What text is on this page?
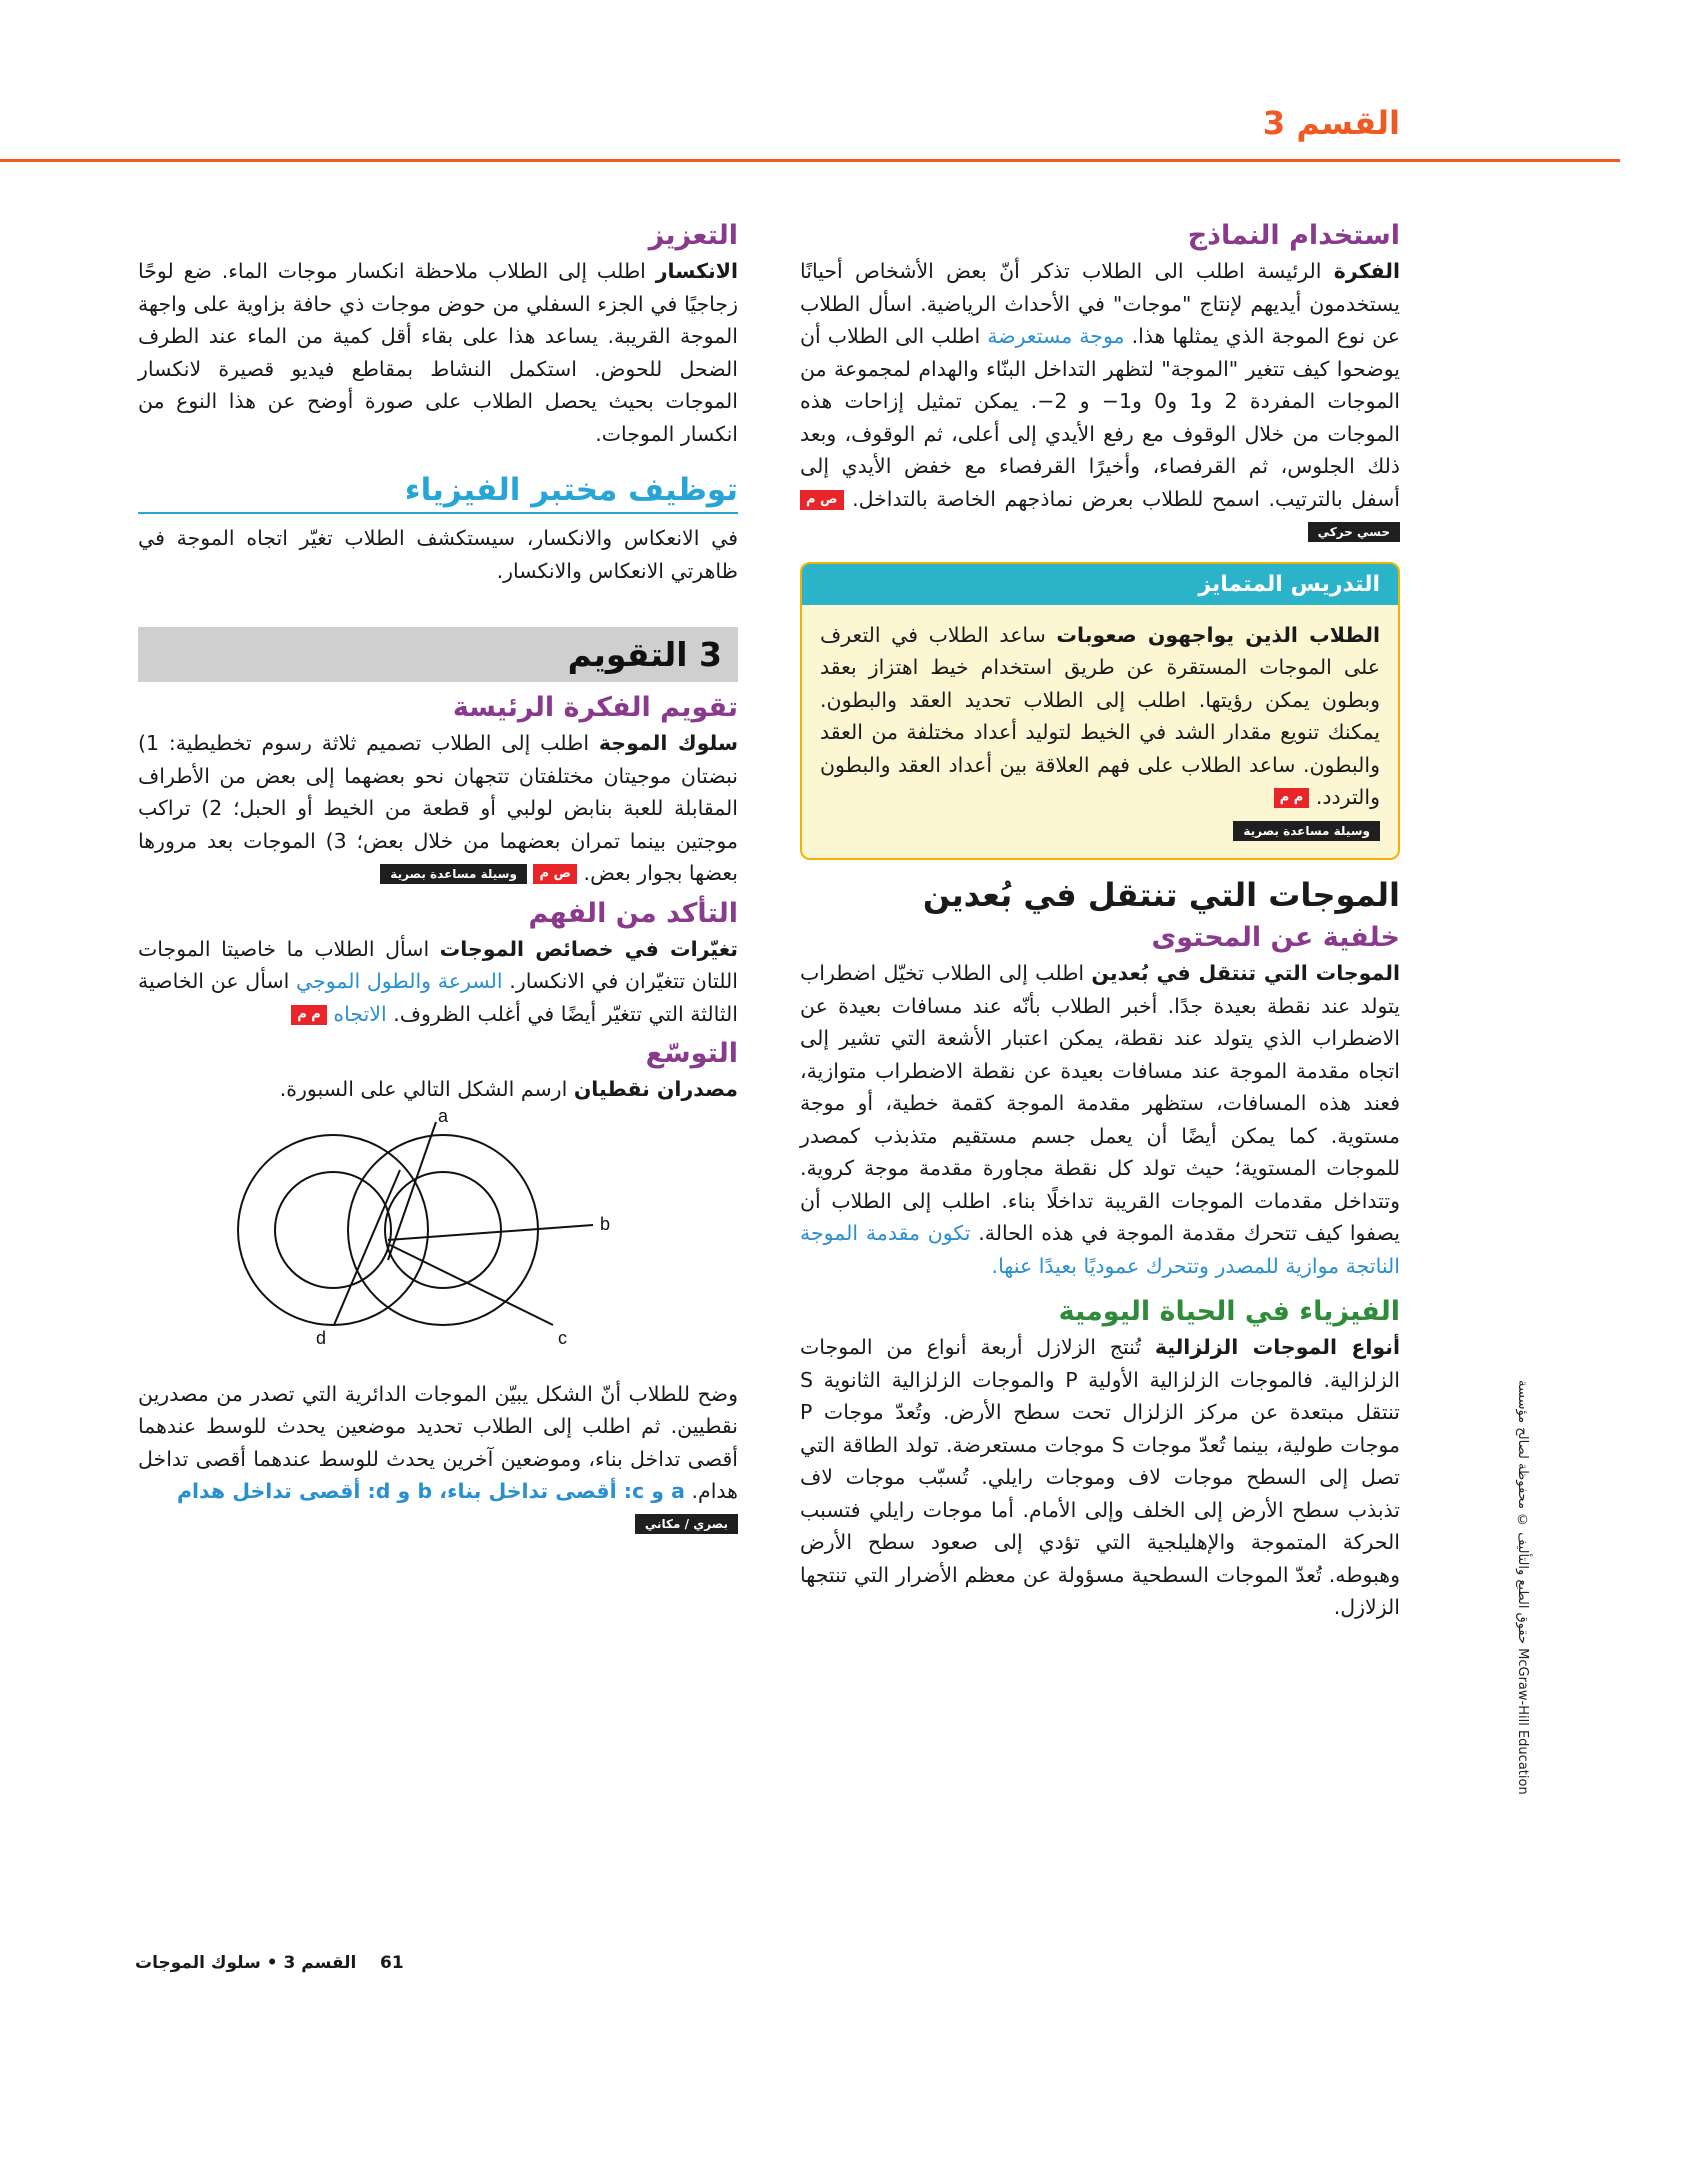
القسم 3
استخدام النماذج
الفكرة الرئيسة اطلب الى الطلاب تذكر أنّ بعض الأشخاص أحيانًا يستخدمون أيديهم لإنتاج "موجات" في الأحداث الرياضية. اسأل الطلاب عن نوع الموجة الذي يمثلها هذا. موجة مستعرضة اطلب الى الطلاب أن يوضحوا كيف تتغير "الموجة" لتظهر التداخل البنّاء والهدام لمجموعة من الموجات المفردة 2 و1 و0 و1− و 2−. يمكن تمثيل إزاحات هذه الموجات من خلال الوقوف مع رفع الأيدي إلى أعلى، ثم الوقوف، وبعد ذلك الجلوس، ثم القرفصاء، وأخيرًا القرفصاء مع خفض الأيدي إلى أسفل بالترتيب. اسمح للطلاب بعرض نماذجهم الخاصة بالتداخل. ص م حسي حركي
التدريس المتمايز
الطلاب الذين يواجهون صعوبات ساعد الطلاب في التعرف على الموجات المستقرة عن طريق استخدام خيط اهتزاز بعقد وبطون يمكن رؤيتها. اطلب إلى الطلاب تحديد العقد والبطون. يمكنك تنويع مقدار الشد في الخيط لتوليد أعداد مختلفة من العقد والبطون. ساعد الطلاب على فهم العلاقة بين أعداد العقد والبطون والتردد. م م
وسيلة مساعدة بصرية
الموجات التي تنتقل في بُعدين
خلفية عن المحتوى
الموجات التي تنتقل في بُعدين اطلب إلى الطلاب تخيّل اضطراب يتولد عند نقطة بعيدة جدًا. أخبر الطلاب بأنّه عند مسافات بعيدة عن الاضطراب الذي يتولد عند نقطة، يمكن اعتبار الأشعة التي تشير إلى اتجاه مقدمة الموجة عند مسافات بعيدة عن نقطة الاضطراب متوازية، فعند هذه المسافات، ستظهر مقدمة الموجة كقمة خطية، أو موجة مستوية. كما يمكن أيضًا أن يعمل جسم مستقيم متذبذب كمصدر للموجات المستوية؛ حيث تولد كل نقطة مجاورة مقدمة موجة كروية. وتتداخل مقدمات الموجات القريبة تداخلًا بناء. اطلب إلى الطلاب أن يصفوا كيف تتحرك مقدمة الموجة في هذه الحالة. تكون مقدمة الموجة الناتجة موازية للمصدر وتتحرك عموديًا بعيدًا عنها.
الفيزياء في الحياة اليومية
أنواع الموجات الزلزالية تُنتج الزلازل أربعة أنواع من الموجات الزلزالية. فالموجات الزلزالية الأولية P والموجات الزلزالية الثانوية S تنتقل مبتعدة عن مركز الزلزال تحت سطح الأرض. وتُعدّ موجات P موجات طولية، بينما تُعدّ موجات S موجات مستعرضة. تولد الطاقة التي تصل إلى السطح موجات لاف وموجات رايلي. تُسبّب موجات لاف تذبذب سطح الأرض إلى الخلف وإلى الأمام. أما موجات رايلي فتسبب الحركة المتموجة والإهليلجية التي تؤدي إلى صعود سطح الأرض وهبوطه. تُعدّ الموجات السطحية مسؤولة عن معظم الأضرار التي تنتجها الزلازل.
التعزيز
الانكسار اطلب إلى الطلاب ملاحظة انكسار موجات الماء. ضع لوحًا زجاجيًا في الجزء السفلي من حوض موجات ذي حافة بزاوية على واجهة الموجة القريبة. يساعد هذا على بقاء أقل كمية من الماء عند الطرف الضحل للحوض. استكمل النشاط بمقاطع فيديو قصيرة لانكسار الموجات بحيث يحصل الطلاب على صورة أوضح عن هذا النوع من انكسار الموجات.
توظيف مختبر الفيزياء
في الانعكاس والانكسار، سيستكشف الطلاب تغيّر اتجاه الموجة في ظاهرتي الانعكاس والانكسار.
3 التقويم
تقويم الفكرة الرئيسة
سلوك الموجة اطلب إلى الطلاب تصميم ثلاثة رسوم تخطيطية: 1) نبضتان موجيتان مختلفتان تتجهان نحو بعضهما إلى بعض من الأطراف المقابلة للعبة بنابض لولبي أو قطعة من الخيط أو الحبل؛ 2) تراكب موجتين بينما تمران بعضهما من خلال بعض؛ 3) الموجات بعد مرورها بعضها بجوار بعض. ص م وسيلة مساعدة بصرية
التأكد من الفهم
تغيّرات في خصائص الموجات اسأل الطلاب ما خاصيتا الموجات اللتان تتغيّران في الانكسار. السرعة والطول الموجي اسأل عن الخاصية الثالثة التي تتغيّر أيضًا في أغلب الظروف. الاتجاه م م
التوسّع
مصدران نقطيان ارسم الشكل التالي على السبورة.
a
b
c
d
وضح للطلاب أنّ الشكل يبيّن الموجات الدائرية التي تصدر من مصدرين نقطيين. ثم اطلب إلى الطلاب تحديد موضعين يحدث للوسط عندهما أقصى تداخل بناء، وموضعين آخرين يحدث للوسط عندهما أقصى تداخل هدام. a و c: أقصى تداخل بناء، b و d: أقصى تداخل هدام
بصري / مكاني	حقوق الطبع والتأليف © محفوظة لصالح مؤسسة McGraw-Hill Education
61    القسم 3 • سلوك الموجات
